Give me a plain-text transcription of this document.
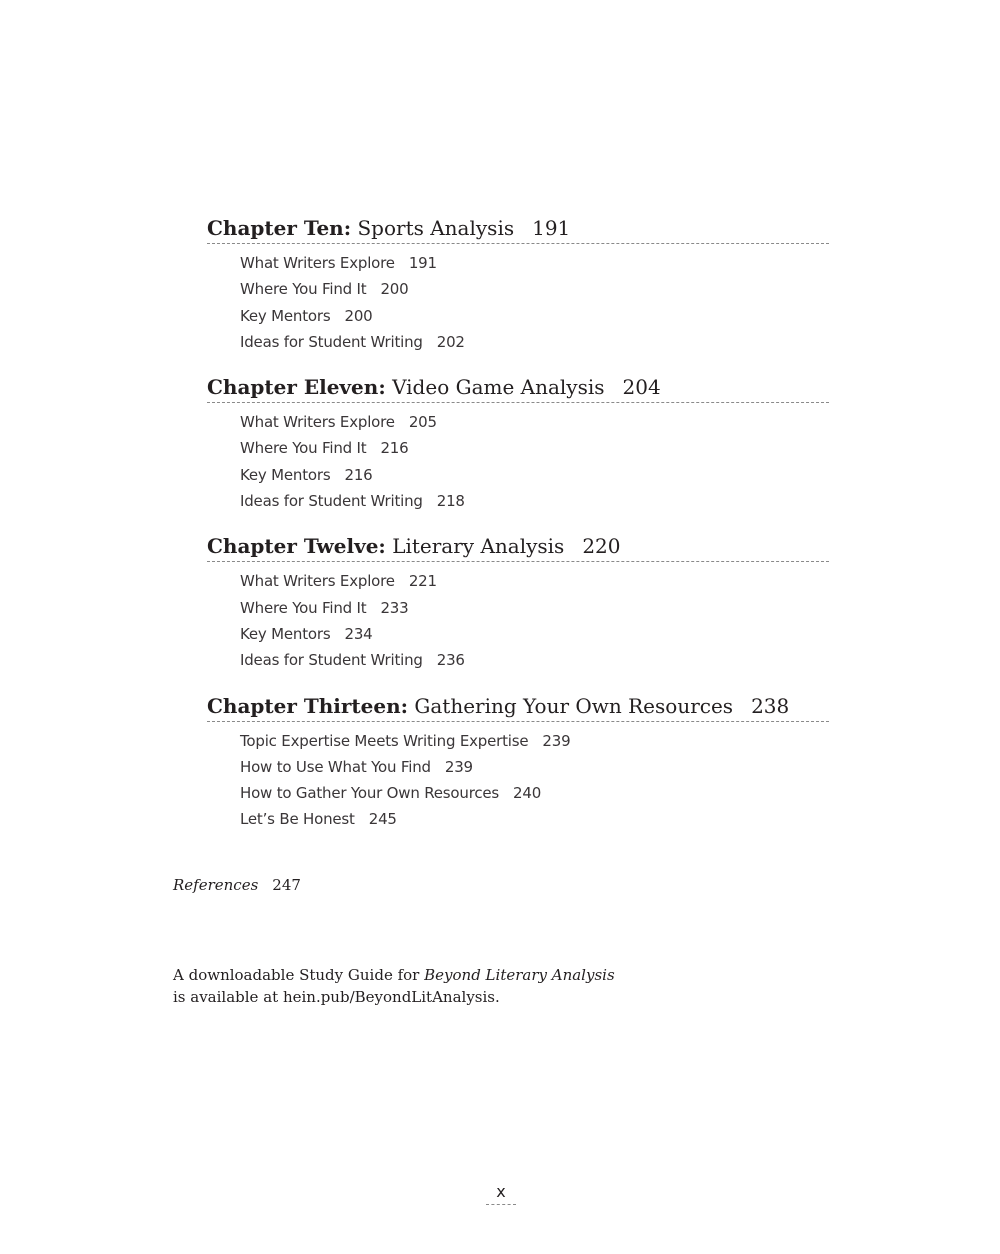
Chapter Ten: Sports Analysis 191
What Writers Explore 191
Where You Find It 200
Key Mentors 200
Ideas for Student Writing 202
Chapter Eleven: Video Game Analysis 204
What Writers Explore 205
Where You Find It 216
Key Mentors 216
Ideas for Student Writing 218
Chapter Twelve: Literary Analysis 220
What Writers Explore 221
Where You Find It 233
Key Mentors 234
Ideas for Student Writing 236
Chapter Thirteen: Gathering Your Own Resources 238
Topic Expertise Meets Writing Expertise 239
How to Use What You Find 239
How to Gather Your Own Resources 240
Let’s Be Honest 245
References 247
A downloadable Study Guide for Beyond Literary Analysis
is available at hein.pub/BeyondLitAnalysis.
x
